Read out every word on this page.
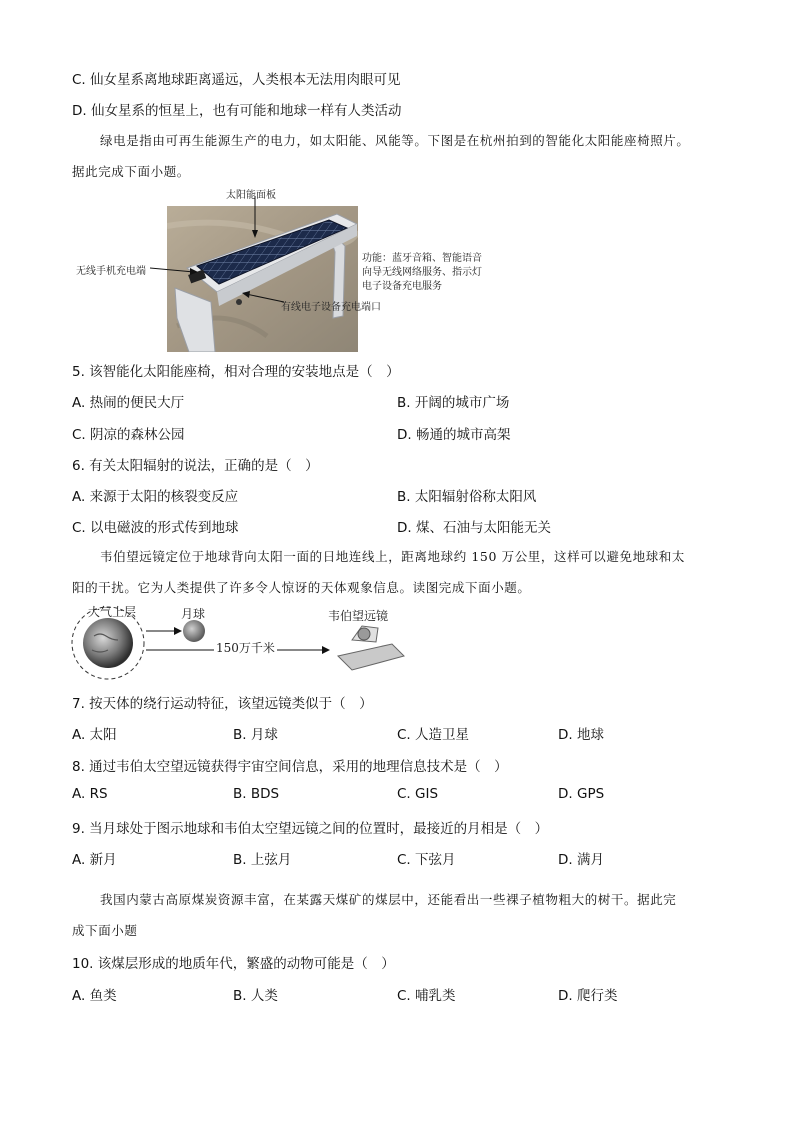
C. 仙女星系离地球距离遥远，人类根本无法用肉眼可见
D. 仙女星系的恒星上，也有可能和地球一样有人类活动
绿电是指由可再生能源生产的电力，如太阳能、风能等。下图是在杭州拍到的智能化太阳能座椅照片。
据此完成下面小题。
太阳能面板
无线手机充电端
有线电子设备充电端口
功能：蓝牙音箱、智能语音
向导无线网络服务、指示灯
电子设备充电服务
5. 该智能化太阳能座椅，相对合理的安装地点是（　）
A. 热闹的便民大厅	B. 开阔的城市广场
C. 阴凉的森林公园	D. 畅通的城市高架
6. 有关太阳辐射的说法，正确的是（　）
A. 来源于太阳的核裂变反应	B. 太阳辐射俗称太阳风
C. 以电磁波的形式传到地球	D. 煤、石油与太阳能无关
韦伯望远镜定位于地球背向太阳一面的日地连线上，距离地球约 150 万公里，这样可以避免地球和太
阳的干扰。它为人类提供了许多令人惊讶的天体观象信息。读图完成下面小题。
大气上层	月球	韦伯望远镜
150万千米
7. 按天体的绕行运动特征，该望远镜类似于（　）
A. 太阳	B. 月球	C. 人造卫星	D. 地球
8. 通过韦伯太空望远镜获得宇宙空间信息，采用的地理信息技术是（　）
A. RS	B. BDS	C. GIS	D. GPS
9. 当月球处于图示地球和韦伯太空望远镜之间的位置时，最接近的月相是（　）
A. 新月	B. 上弦月	C. 下弦月	D. 满月
我国内蒙古高原煤炭资源丰富，在某露天煤矿的煤层中，还能看出一些裸子植物粗大的树干。据此完
成下面小题
10. 该煤层形成的地质年代，繁盛的动物可能是（　）
A. 鱼类	B. 人类	C. 哺乳类	D. 爬行类
